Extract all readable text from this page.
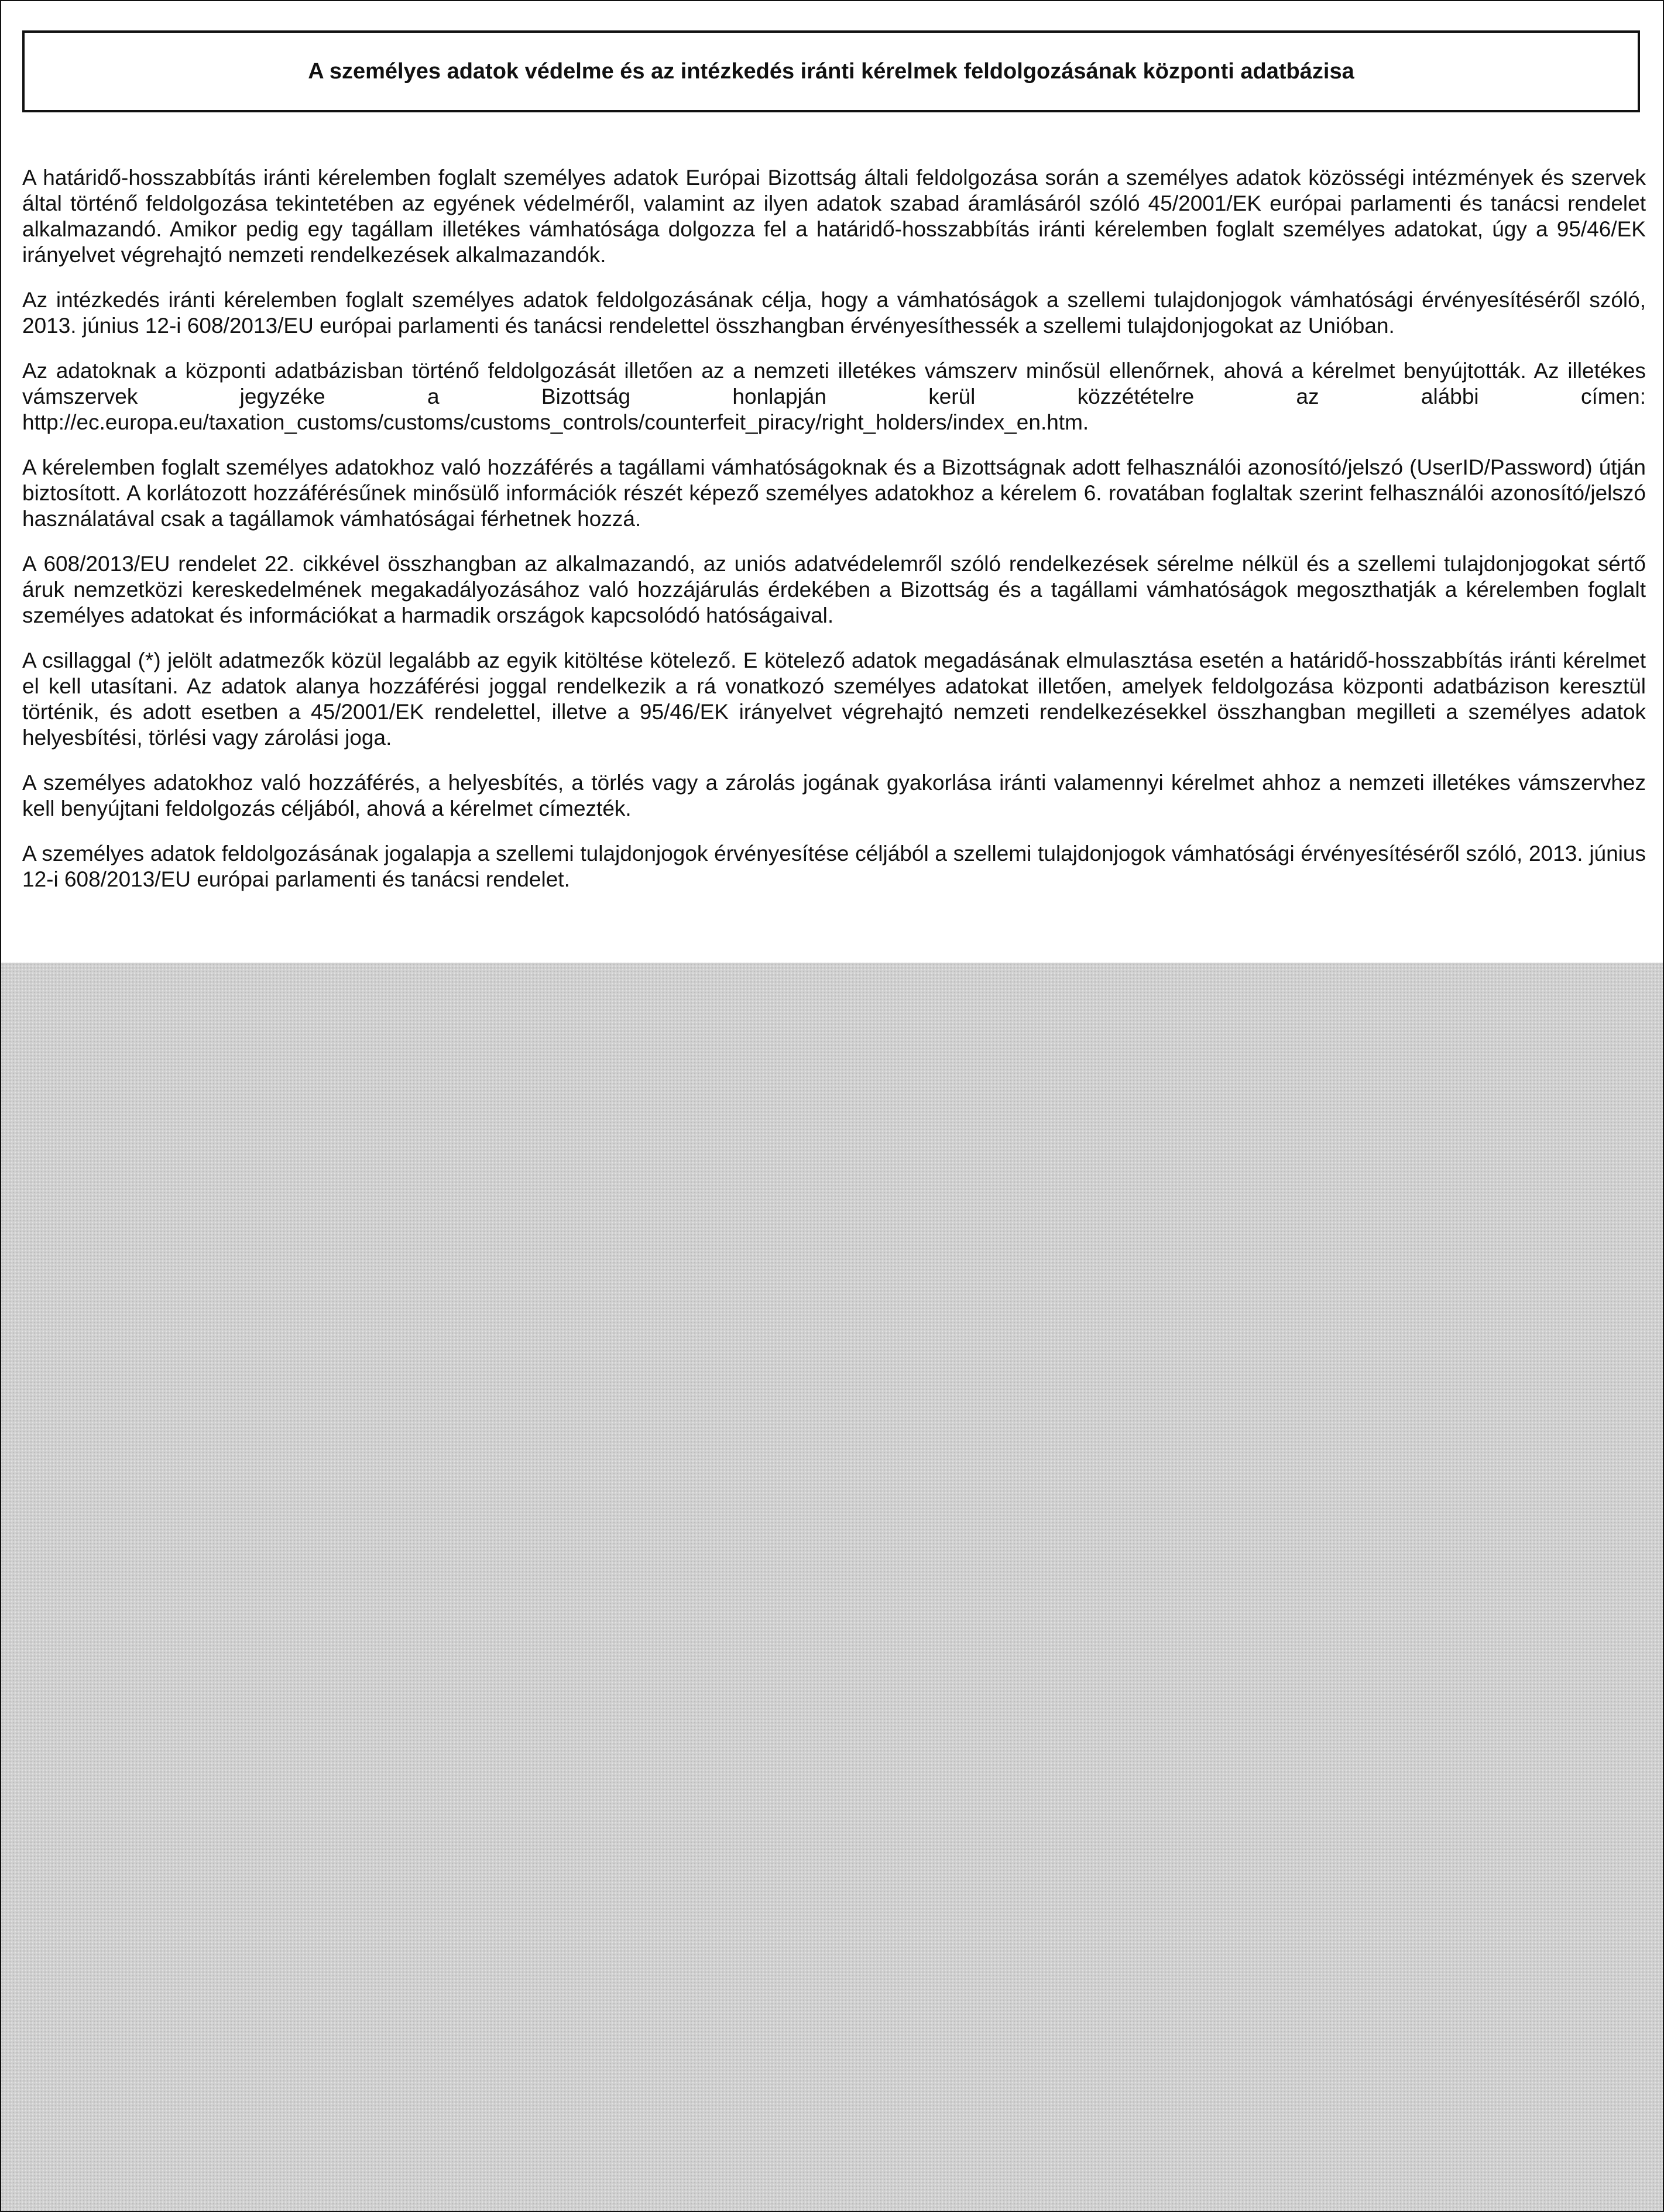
A személyes adatok védelme és az intézkedés iránti kérelmek feldolgozásának központi adatbázisa

A határidő-hosszabbítás iránti kérelemben foglalt személyes adatok Európai Bizottság általi feldolgozása során a személyes adatok közösségi intézmények és szervek által történő feldolgozása tekintetében az egyének védelméről, valamint az ilyen adatok szabad áramlásáról szóló 45/2001/EK európai parlamenti és tanácsi rendelet alkalmazandó. Amikor pedig egy tagállam illetékes vámhatósága dolgozza fel a határidő-hosszabbítás iránti kérelemben foglalt személyes adatokat, úgy a 95/46/EK irányelvet végrehajtó nemzeti rendelkezések alkalmazandók.

Az intézkedés iránti kérelemben foglalt személyes adatok feldolgozásának célja, hogy a vámhatóságok a szellemi tulajdonjogok vámhatósági érvényesítéséről szóló, 2013. június 12-i 608/2013/EU európai parlamenti és tanácsi rendelettel összhangban érvényesíthessék a szellemi tulajdonjogokat az Unióban.

Az adatoknak a központi adatbázisban történő feldolgozását illetően az a nemzeti illetékes vámszerv minősül ellenőrnek, ahová a kérelmet benyújtották. Az illetékes vámszervek jegyzéke a Bizottság honlapján kerül közzétételre az alábbi címen: http://ec.europa.eu/taxation_customs/customs/customs_controls/counterfeit_piracy/right_holders/index_en.htm.

A kérelemben foglalt személyes adatokhoz való hozzáférés a tagállami vámhatóságoknak és a Bizottságnak adott felhasználói azonosító/jelszó (UserID/Password) útján biztosított. A korlátozott hozzáférésűnek minősülő információk részét képező személyes adatokhoz a kérelem 6. rovatában foglaltak szerint felhasználói azonosító/jelszó használatával csak a tagállamok vámhatóságai férhetnek hozzá.

A 608/2013/EU rendelet 22. cikkével összhangban az alkalmazandó, az uniós adatvédelemről szóló rendelkezések sérelme nélkül és a szellemi tulajdonjogokat sértő áruk nemzetközi kereskedelmének megakadályozásához való hozzájárulás érdekében a Bizottság és a tagállami vámhatóságok megoszthatják a kérelemben foglalt személyes adatokat és információkat a harmadik országok kapcsolódó hatóságaival.

A csillaggal (*) jelölt adatmezők közül legalább az egyik kitöltése kötelező. E kötelező adatok megadásának elmulasztása esetén a határidő-hosszabbítás iránti kérelmet el kell utasítani. Az adatok alanya hozzáférési joggal rendelkezik a rá vonatkozó személyes adatokat illetően, amelyek feldolgozása központi adatbázison keresztül történik, és adott esetben a 45/2001/EK rendelettel, illetve a 95/46/EK irányelvet végrehajtó nemzeti rendelkezésekkel összhangban megilleti a személyes adatok helyesbítési, törlési vagy zárolási joga.

A személyes adatokhoz való hozzáférés, a helyesbítés, a törlés vagy a zárolás jogának gyakorlása iránti valamennyi kérelmet ahhoz a nemzeti illetékes vámszervhez kell benyújtani feldolgozás céljából, ahová a kérelmet címezték.

A személyes adatok feldolgozásának jogalapja a szellemi tulajdonjogok érvényesítése céljából a szellemi tulajdonjogok vámhatósági érvényesítéséről szóló, 2013. június 12-i 608/2013/EU európai parlamenti és tanácsi rendelet.
